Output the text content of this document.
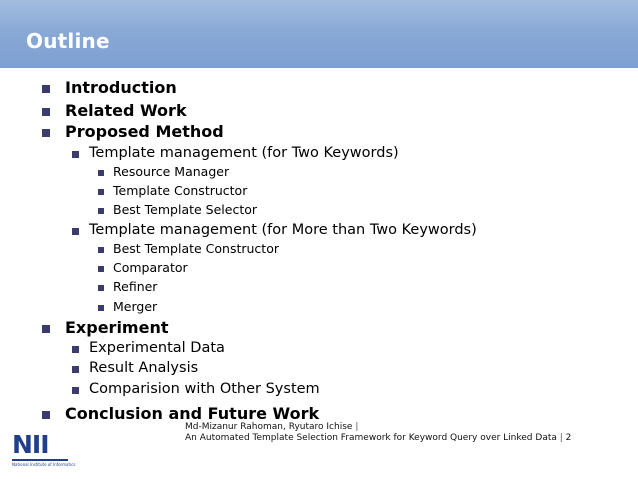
Outline
Introduction
Related Work
Proposed Method
Template management (for Two Keywords)
Resource Manager
Template Constructor
Best Template Selector
Template management (for More than Two Keywords)
Best Template Constructor
Comparator
Refiner
Merger
Experiment
Experimental Data
Result Analysis
Comparision with Other System
Conclusion and Future Work
NII
National Institute of Informatics
Md-Mizanur Rahoman, Ryutaro Ichise |
An Automated Template Selection Framework for Keyword Query over Linked Data | 2
